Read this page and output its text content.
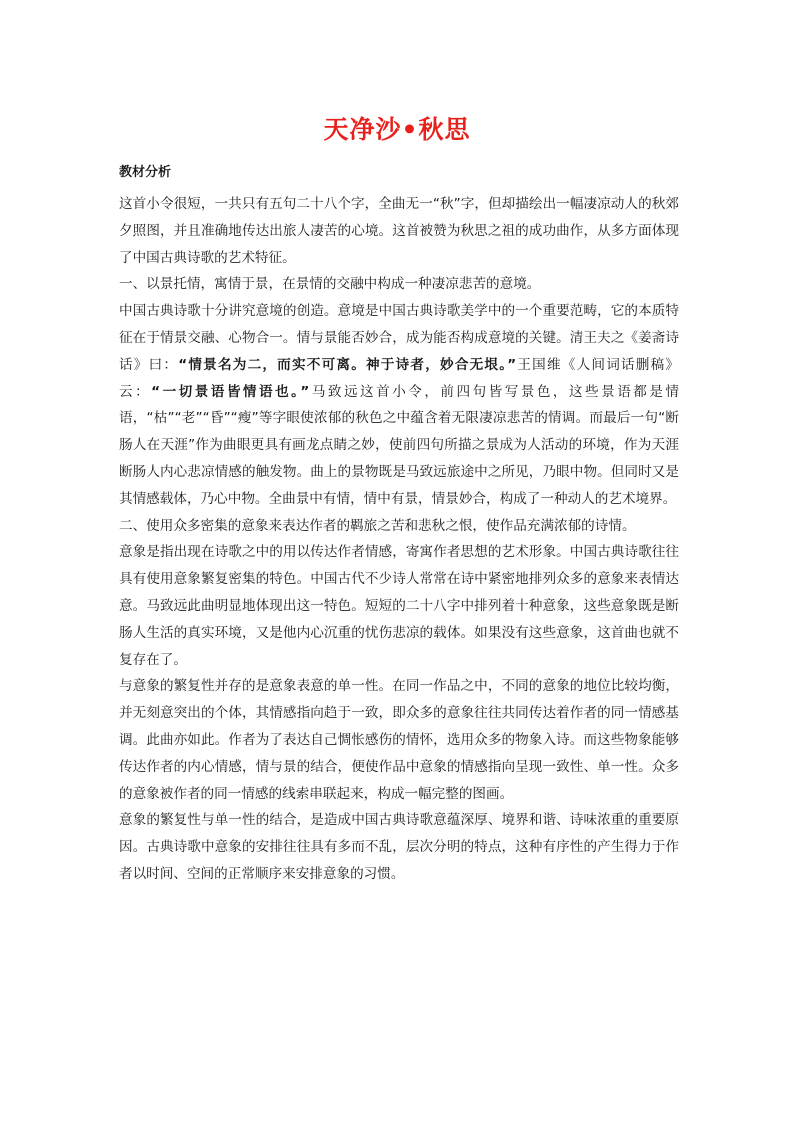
天净沙•秋思
教材分析

这首小令很短，一共只有五句二十八个字，全曲无一“秋”字，但却描绘出一幅凄凉动人的秋郊夕照图，并且准确地传达出旅人凄苦的心境。这首被赞为秋思之祖的成功曲作，从多方面体现了中国古典诗歌的艺术特征。

一、以景托情，寓情于景，在景情的交融中构成一种凄凉悲苦的意境。

中国古典诗歌十分讲究意境的创造。意境是中国古典诗歌美学中的一个重要范畴，它的本质特征在于情景交融、心物合一。情与景能否妙合，成为能否构成意境的关键。清王夫之《姜斋诗话》曰：“情景名为二，而实不可离。神于诗者，妙合无垠。”王国维《人间词话删稿》云：“一切景语皆情语也。”马致远这首小令，前四句皆写景色，这些景语都是情语，“枯”“老”“昏”“瘦”等字眼使浓郁的秋色之中蕴含着无限凄凉悲苦的情调。而最后一句“断肠人在天涯”作为曲眼更具有画龙点睛之妙，使前四句所描之景成为人活动的环境，作为天涯断肠人内心悲凉情感的触发物。曲上的景物既是马致远旅途中之所见，乃眼中物。但同时又是其情感载体，乃心中物。全曲景中有情，情中有景，情景妙合，构成了一种动人的艺术境界。

二、使用众多密集的意象来表达作者的羁旅之苦和悲秋之恨，使作品充满浓郁的诗情。

意象是指出现在诗歌之中的用以传达作者情感，寄寓作者思想的艺术形象。中国古典诗歌往往具有使用意象繁复密集的特色。中国古代不少诗人常常在诗中紧密地排列众多的意象来表情达意。马致远此曲明显地体现出这一特色。短短的二十八字中排列着十种意象，这些意象既是断肠人生活的真实环境，又是他内心沉重的忧伤悲凉的载体。如果没有这些意象，这首曲也就不复存在了。

与意象的繁复性并存的是意象表意的单一性。在同一作品之中，不同的意象的地位比较均衡，并无刻意突出的个体，其情感指向趋于一致，即众多的意象往往共同传达着作者的同一情感基调。此曲亦如此。作者为了表达自己惆怅感伤的情怀，选用众多的物象入诗。而这些物象能够传达作者的内心情感，情与景的结合，便使作品中意象的情感指向呈现一致性、单一性。众多的意象被作者的同一情感的线索串联起来，构成一幅完整的图画。

意象的繁复性与单一性的结合，是造成中国古典诗歌意蕴深厚、境界和谐、诗味浓重的重要原因。古典诗歌中意象的安排往往具有多而不乱，层次分明的特点，这种有序性的产生得力于作者以时间、空间的正常顺序来安排意象的习惯。
